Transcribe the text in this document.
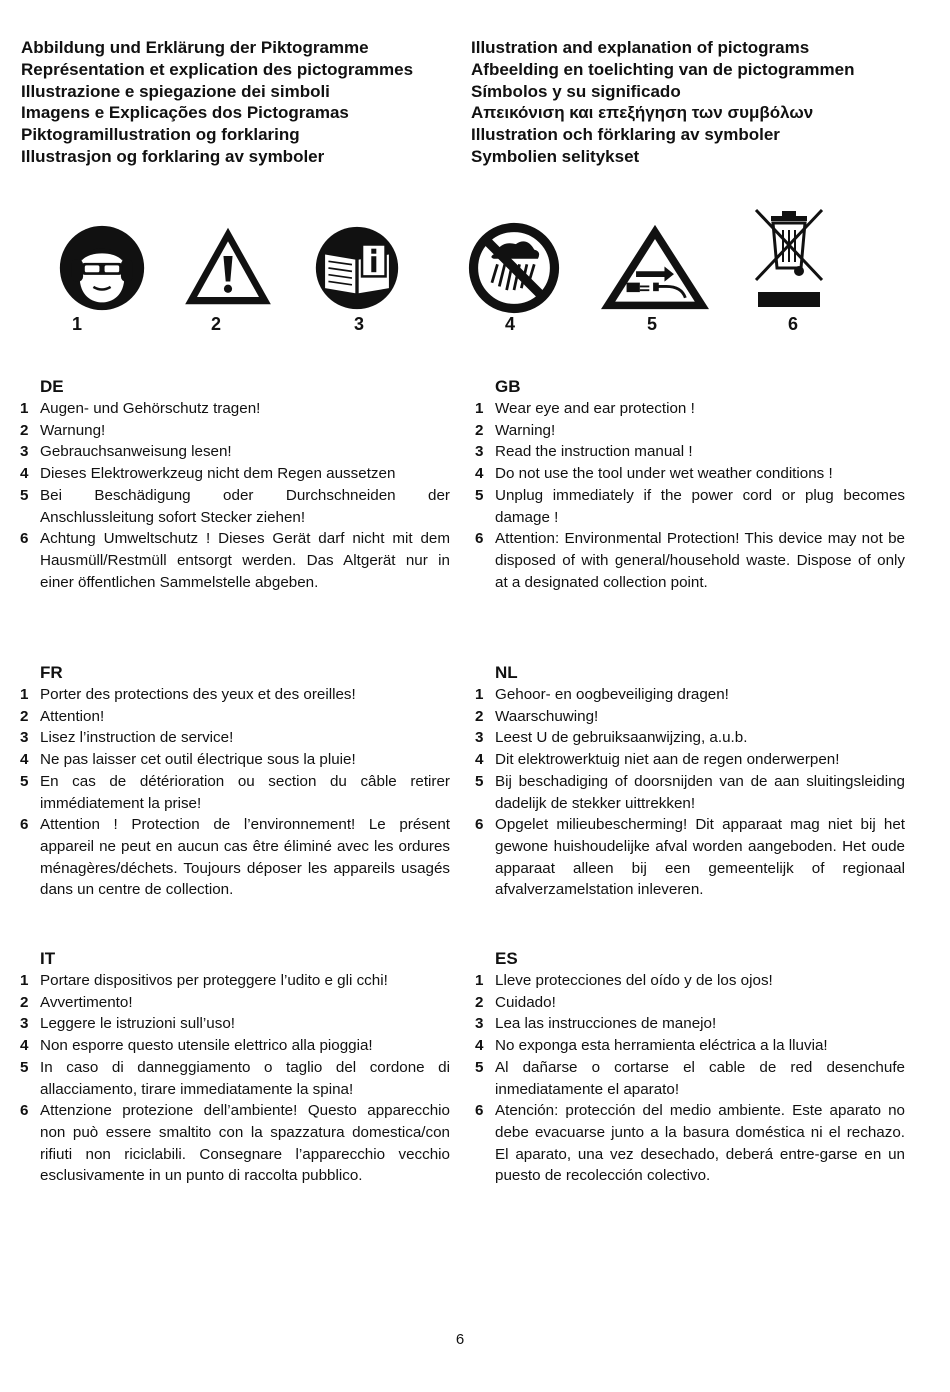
Abbildung und Erklärung der Piktogramme
Représentation et explication des pictogrammes
Illustrazione e spiegazione dei simboli
Imagens e Explicações dos Pictogramas
Piktogramillustration og forklaring
Illustrasjon og forklaring av symboler
Illustration and explanation of pictograms
Afbeelding en toelichting van de pictogrammen
Símbolos y su significado
Απεικόνιση και επεξήγηση των συμβόλων
Illustration och förklaring av symboler
Symbolien selitykset
1	2	3	4	5	6
DE
1 Augen- und Gehörschutz tragen!
2 Warnung!
3 Gebrauchsanweisung lesen!
4 Dieses Elektrowerkzeug nicht dem Regen aussetzen
5 Bei Beschädigung oder Durchschneiden der Anschlussleitung sofort Stecker ziehen!
6 Achtung Umweltschutz ! Dieses Gerät darf nicht mit dem Hausmüll/Restmüll entsorgt werden. Das Altgerät nur in einer öffentlichen Sammelstelle abgeben.
GB
1 Wear eye and ear protection !
2 Warning!
3 Read the instruction manual !
4 Do not use the tool under wet weather conditions !
5 Unplug immediately if the power cord or plug becomes damage !
6 Attention: Environmental Protection! This device may not be disposed of with general/household waste. Dispose of only at a designated collection point.
FR
1 Porter des protections des yeux et des oreilles!
2 Attention!
3 Lisez l’instruction de service!
4 Ne pas laisser cet outil électrique sous la pluie!
5 En cas de détérioration ou section du câble retirer immédiatement la prise!
6 Attention ! Protection de l’environnement! Le présent appareil ne peut en aucun cas être éliminé avec les ordures ménagères/déchets. Toujours déposer les appareils usagés dans un centre de collection.
NL
1 Gehoor- en oogbeveiliging dragen!
2 Waarschuwing!
3 Leest U de gebruiksaanwijzing, a.u.b.
4 Dit elektrowerktuig niet aan de regen onderwerpen!
5 Bij beschadiging of doorsnijden van de aan sluitingsleiding dadelijk de stekker uittrekken!
6 Opgelet milieubescherming! Dit apparaat mag niet bij het gewone huishoudelijke afval worden aangeboden. Het oude apparaat alleen bij een gemeentelijk of regionaal afvalverzamelstation inleveren.
IT
1 Portare dispositivos per proteggere l’udito e gli cchi!
2 Avvertimento!
3 Leggere le istruzioni sull’uso!
4 Non esporre questo utensile elettrico alla pioggia!
5 In caso di danneggiamento o taglio del cordone di allacciamento, tirare immediatamente la spina!
6 Attenzione protezione dell’ambiente! Questo apparecchio non può essere smaltito con la spazzatura domestica/con rifiuti non riciclabili. Consegnare l’apparecchio vecchio esclusivamente in un punto di raccolta pubblico.
ES
1 Lleve protecciones del oído y de los ojos!
2 Cuidado!
3 Lea las instrucciones de manejo!
4 No exponga esta herramienta eléctrica a la lluvia!
5 Al dañarse o cortarse el cable de red desenchufe inmediatamente el aparato!
6 Atención: protección del medio ambiente. Este aparato no debe evacuarse junto a la basura doméstica ni el rechazo. El aparato, una vez desechado, deberá entre-garse en un puesto de recolección colectivo.
6
